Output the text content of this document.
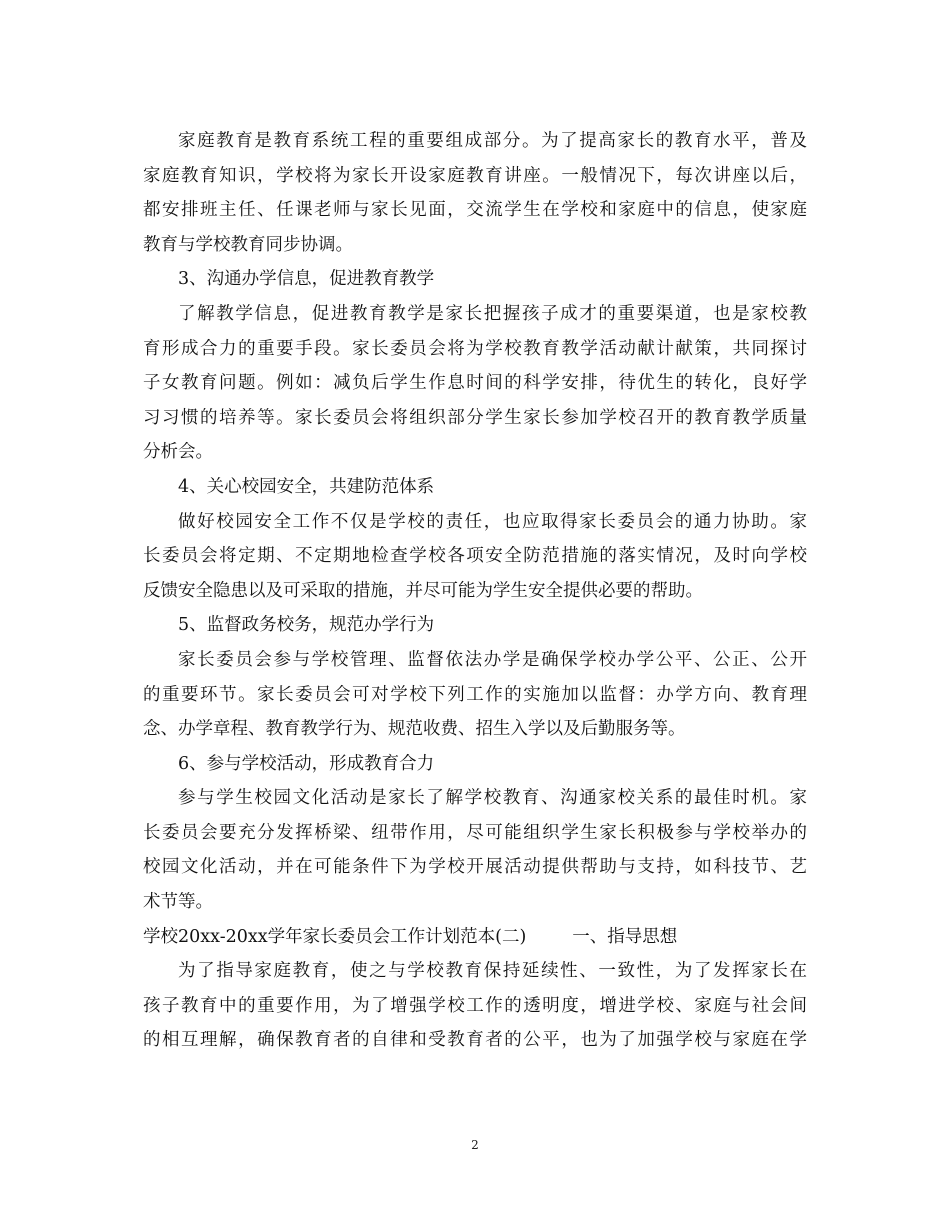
家庭教育是教育系统工程的重要组成部分。为了提高家长的教育水平，普及
家庭教育知识，学校将为家长开设家庭教育讲座。一般情况下，每次讲座以后，
都安排班主任、任课老师与家长见面，交流学生在学校和家庭中的信息，使家庭
教育与学校教育同步协调。
3、沟通办学信息，促进教育教学
了解教学信息，促进教育教学是家长把握孩子成才的重要渠道，也是家校教
育形成合力的重要手段。家长委员会将为学校教育教学活动献计献策，共同探讨
子女教育问题。例如：减负后学生作息时间的科学安排，待优生的转化，良好学
习习惯的培养等。家长委员会将组织部分学生家长参加学校召开的教育教学质量
分析会。
4、关心校园安全，共建防范体系
做好校园安全工作不仅是学校的责任，也应取得家长委员会的通力协助。家
长委员会将定期、不定期地检查学校各项安全防范措施的落实情况，及时向学校
反馈安全隐患以及可采取的措施，并尽可能为学生安全提供必要的帮助。
5、监督政务校务，规范办学行为
家长委员会参与学校管理、监督依法办学是确保学校办学公平、公正、公开
的重要环节。家长委员会可对学校下列工作的实施加以监督：办学方向、教育理
念、办学章程、教育教学行为、规范收费、招生入学以及后勤服务等。
6、参与学校活动，形成教育合力
参与学生校园文化活动是家长了解学校教育、沟通家校关系的最佳时机。家
长委员会要充分发挥桥梁、纽带作用，尽可能组织学生家长积极参与学校举办的
校园文化活动，并在可能条件下为学校开展活动提供帮助与支持，如科技节、艺
术节等。
学校20xx-20xx学年家长委员会工作计划范本(二)	一、指导思想
为了指导家庭教育，使之与学校教育保持延续性、一致性，为了发挥家长在
孩子教育中的重要作用，为了增强学校工作的透明度，增进学校、家庭与社会间
的相互理解，确保教育者的自律和受教育者的公平，也为了加强学校与家庭在学
2
